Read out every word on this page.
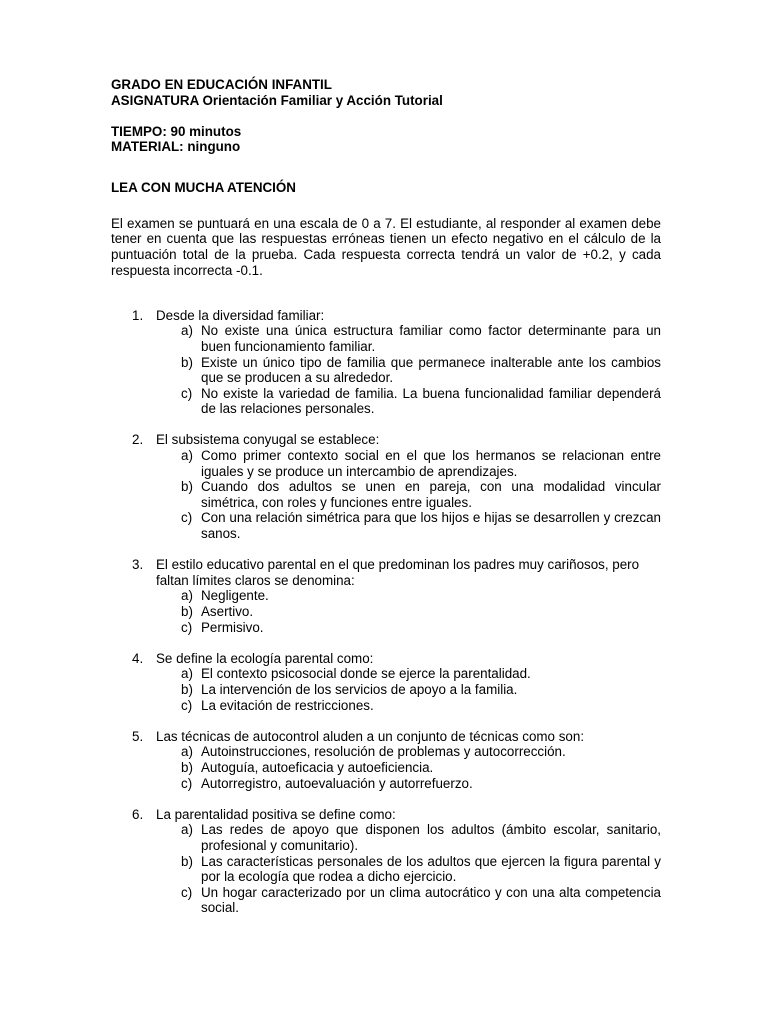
GRADO EN EDUCACIÓN INFANTIL

ASIGNATURA Orientación Familiar y Acción Tutorial

TIEMPO: 90 minutos

MATERIAL: ninguno

LEA CON MUCHA ATENCIÓN

El examen se puntuará en una escala de 0 a 7. El estudiante, al responder al examen debe tener en cuenta que las respuestas erróneas tienen un efecto negativo en el cálculo de la puntuación total de la prueba. Cada respuesta correcta tendrá un valor de +0.2, y cada respuesta incorrecta -0.1.

1. Desde la diversidad familiar:

a) No existe una única estructura familiar como factor determinante para un buen funcionamiento familiar.
b) Existe un único tipo de familia que permanece inalterable ante los cambios que se producen a su alrededor.
c) No existe la variedad de familia. La buena funcionalidad familiar dependerá de las relaciones personales.
2. El subsistema conyugal se establece:

a) Como primer contexto social en el que los hermanos se relacionan entre iguales y se produce un intercambio de aprendizajes.
b) Cuando dos adultos se unen en pareja, con una modalidad vincular simétrica, con roles y funciones entre iguales.
c) Con una relación simétrica para que los hijos e hijas se desarrollen y crezcan sanos.
3. El estilo educativo parental en el que predominan los padres muy cariñosos, pero faltan límites claros se denomina:

a) Negligente.
b) Asertivo.
c) Permisivo.
4. Se define la ecología parental como:

a) El contexto psicosocial donde se ejerce la parentalidad.
b) La intervención de los servicios de apoyo a la familia.
c) La evitación de restricciones.
5. Las técnicas de autocontrol aluden a un conjunto de técnicas como son:

a) Autoinstrucciones, resolución de problemas y autocorrección.
b) Autoguía, autoeficacia y autoeficiencia.
c) Autorregistro, autoevaluación y autorrefuerzo.
6. La parentalidad positiva se define como:

a) Las redes de apoyo que disponen los adultos (ámbito escolar, sanitario, profesional y comunitario).
b) Las características personales de los adultos que ejercen la figura parental y por la ecología que rodea a dicho ejercicio.
c) Un hogar caracterizado por un clima autocrático y con una alta competencia social.
